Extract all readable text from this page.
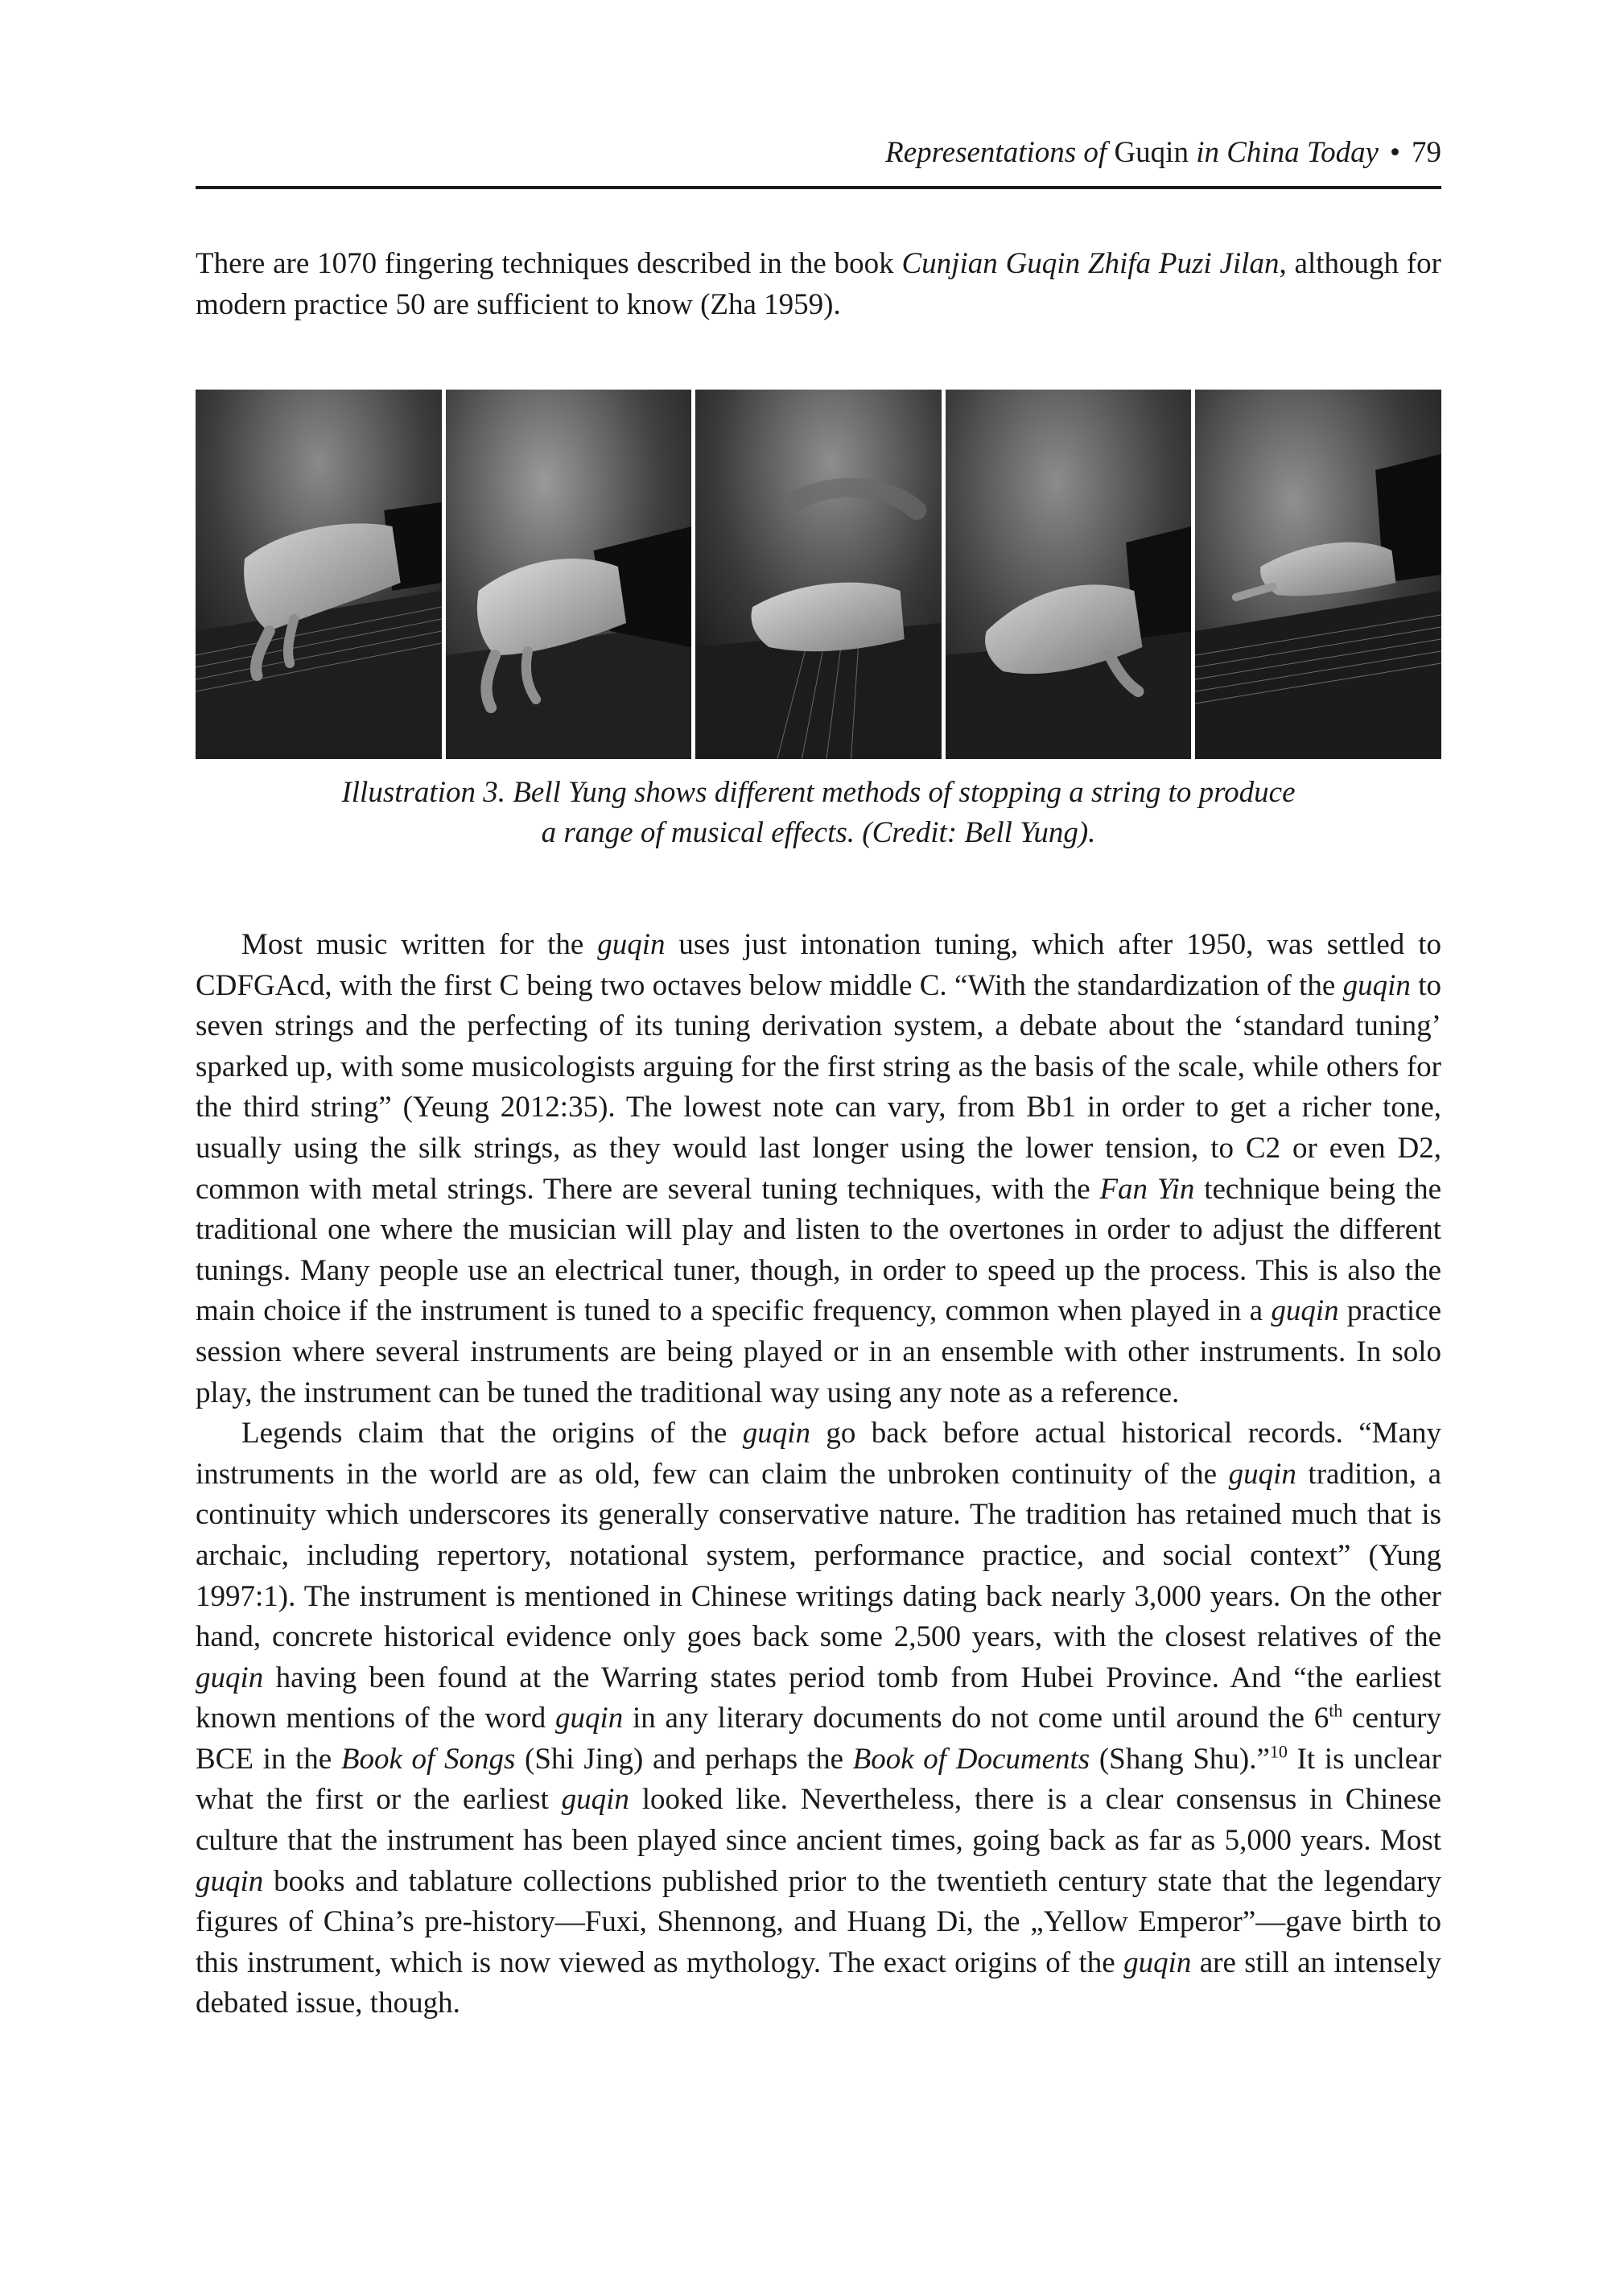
Representations of Guqin in China Today • 79

There are 1070 fingering techniques described in the book Cunjian Guqin Zhifa Puzi Jilan, although for modern practice 50 are sufficient to know (Zha 1959).

Illustration 3. Bell Yung shows different methods of stopping a string to produce
a range of musical effects. (Credit: Bell Yung).

Most music written for the guqin uses just intonation tuning, which after 1950, was settled to CDFGAcd, with the first C being two octaves below middle C. “With the standardization of the guqin to seven strings and the perfecting of its tuning derivation system, a debate about the ‘standard tuning’ sparked up, with some musicologists arguing for the first string as the basis of the scale, while others for the third string” (Yeung 2012:35). The lowest note can vary, from Bb1 in order to get a richer tone, usually using the silk strings, as they would last longer using the lower tension, to C2 or even D2, common with metal strings. There are several tuning techniques, with the Fan Yin technique being the traditional one where the musician will play and listen to the overtones in order to adjust the different tunings. Many people use an electrical tuner, though, in order to speed up the process. This is also the main choice if the instrument is tuned to a specific frequency, common when played in a guqin practice session where several instruments are being played or in an ensemble with other instruments. In solo play, the instrument can be tuned the traditional way using any note as a reference.

Legends claim that the origins of the guqin go back before actual historical records. “Many instruments in the world are as old, few can claim the unbroken continuity of the guqin tradition, a continuity which underscores its generally conservative nature. The tradition has retained much that is archaic, including repertory, notational system, performance practice, and social context” (Yung 1997:1). The instrument is mentioned in Chinese writings dating back nearly 3,000 years. On the other hand, concrete historical evidence only goes back some 2,500 years, with the closest relatives of the guqin having been found at the Warring states period tomb from Hubei Province. And “the earliest known mentions of the word guqin in any literary documents do not come until around the 6th century BCE in the Book of Songs (Shi Jing) and perhaps the Book of Documents (Shang Shu).”$^{10}$ It is unclear what the first or the earliest guqin looked like. Nevertheless, there is a clear consensus in Chinese culture that the instrument has been played since ancient times, going back as far as 5,000 years. Most guqin books and tablature collections published prior to the twentieth century state that the legendary figures of China’s pre-history—Fuxi, Shennong, and Huang Di, the „Yellow Emperor”—gave birth to this instrument, which is now viewed as mythology. The exact origins of the guqin are still an intensely debated issue, though.
